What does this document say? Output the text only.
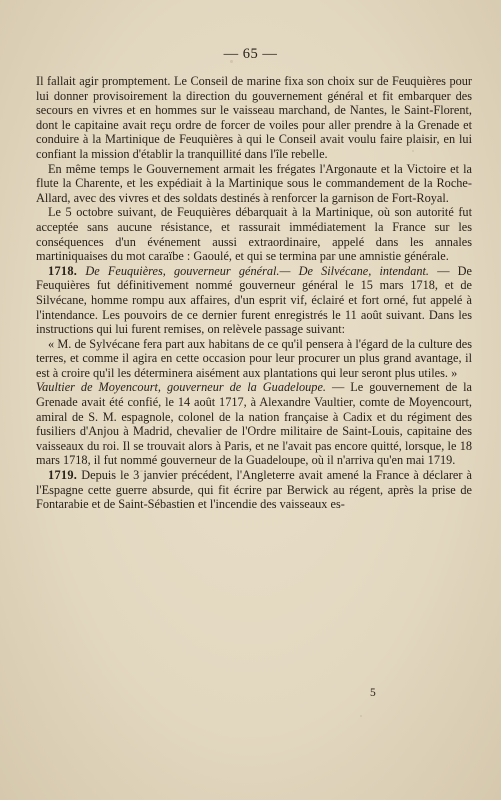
— 65 —

Il fallait agir promptement. Le Conseil de marine fixa son choix sur de Feuquières pour lui donner provisoirement la direction du gouvernement général et fit embarquer des secours en vivres et en hommes sur le vaisseau marchand, de Nantes, le Saint-Florent, dont le capitaine avait reçu ordre de forcer de voiles pour aller prendre à la Grenade et conduire à la Martinique de Feuquières à qui le Conseil avait voulu faire plaisir, en lui confiant la mission d'établir la tranquillité dans l'île rebelle.

En même temps le Gouvernement armait les frégates l'Argonaute et la Victoire et la flute la Charente, et les expédiait à la Martinique sous le commandement de la Roche-Allard, avec des vivres et des soldats destinés à renforcer la garnison de Fort-Royal.

Le 5 octobre suivant, de Feuquières débarquait à la Martinique, où son autorité fut acceptée sans aucune résistance, et rassurait immédiatement la France sur les conséquences d'un événement aussi extraordinaire, appelé dans les annales martiniquaises du mot caraïbe : Gaoulé, et qui se termina par une amnistie générale.

1718. De Feuquières, gouverneur général.— De Silvécane, intendant. — De Feuquières fut définitivement nommé gouverneur général le 15 mars 1718, et de Silvécane, homme rompu aux affaires, d'un esprit vif, éclairé et fort orné, fut appelé à l'intendance. Les pouvoirs de ce dernier furent enregistrés le 11 août suivant. Dans les instructions qui lui furent remises, on relèvele passage suivant:

« M. de Sylvécane fera part aux habitans de ce qu'il pensera à l'égard de la culture des terres, et comme il agira en cette occasion pour leur procurer un plus grand avantage, il est à croire qu'il les déterminera aisément aux plantations qui leur seront plus utiles. »

Vaultier de Moyencourt, gouverneur de la Guadeloupe. — Le gouvernement de la Grenade avait été confié, le 14 août 1717, à Alexandre Vaultier, comte de Moyencourt, amiral de S. M. espagnole, colonel de la nation française à Cadix et du régiment des fusiliers d'Anjou à Madrid, chevalier de l'Ordre militaire de Saint-Louis, capitaine des vaisseaux du roi. Il se trouvait alors à Paris, et ne l'avait pas encore quitté, lorsque, le 18 mars 1718, il fut nommé gouverneur de la Guadeloupe, où il n'arriva qu'en mai 1719.

1719. Depuis le 3 janvier précédent, l'Angleterre avait amené la France à déclarer à l'Espagne cette guerre absurde, qui fit écrire par Berwick au régent, après la prise de Fontarabie et de Saint-Sébastien et l'incendie des vaisseaux es-

5
